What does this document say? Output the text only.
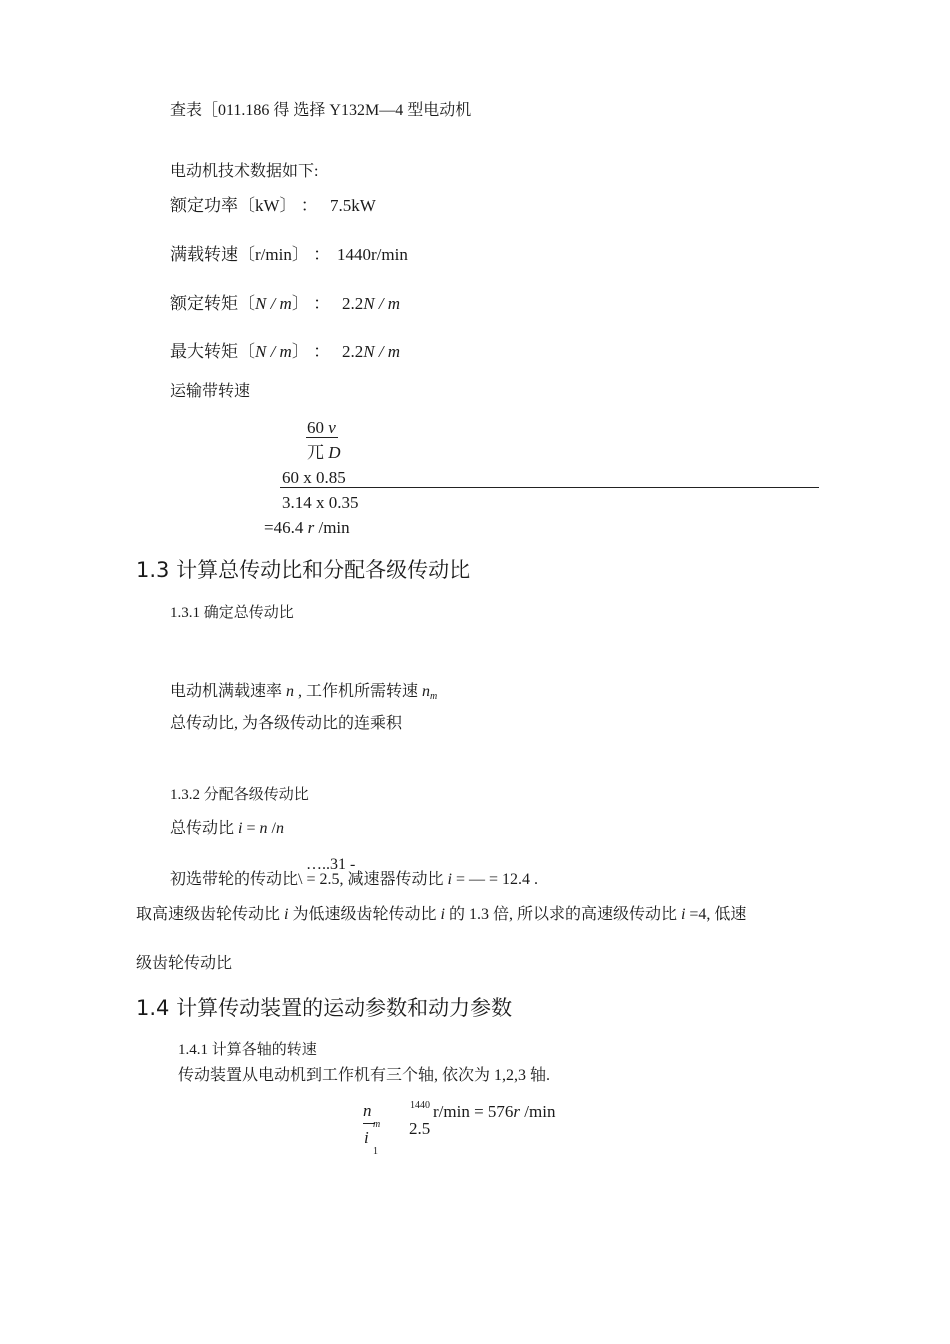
查表［011.186 得 选择 Y132M—4 型电动机
电动机技术数据如下:
额定功率〔kW〕 ： 7.5kW
满载转速〔r/min〕 ： 1440r/min
额定转矩〔N / m〕 ： 2.2N / m
最大转矩〔N / m〕 ： 2.2N / m
运输带转速
60 v
兀 D
60 x 0.85
3.14 x 0.35
=46.4 r /min
1.3 计算总传动比和分配各级传动比
1.3.1 确定总传动比
电动机满载速率 n , 工作机所需转速 nm
总传动比, 为各级传动比的连乘积
1.3.2 分配各级传动比
总传动比 i = n /n
…..31 -
初选带轮的传动比\ = 2.5, 减速器传动比 i = — = 12.4 .
取高速级齿轮传动比 i 为低速级齿轮传动比 i 的 1.3 倍, 所以求的高速级传动比 i =4, 低速
级齿轮传动比
1.4 计算传动装置的运动参数和动力参数
1.4.1 计算各轴的转速
传动装置从电动机到工作机有三个轴, 依次为 1,2,3 轴.
n
m
i
1
1440 r/min = 576r /min
2.5
